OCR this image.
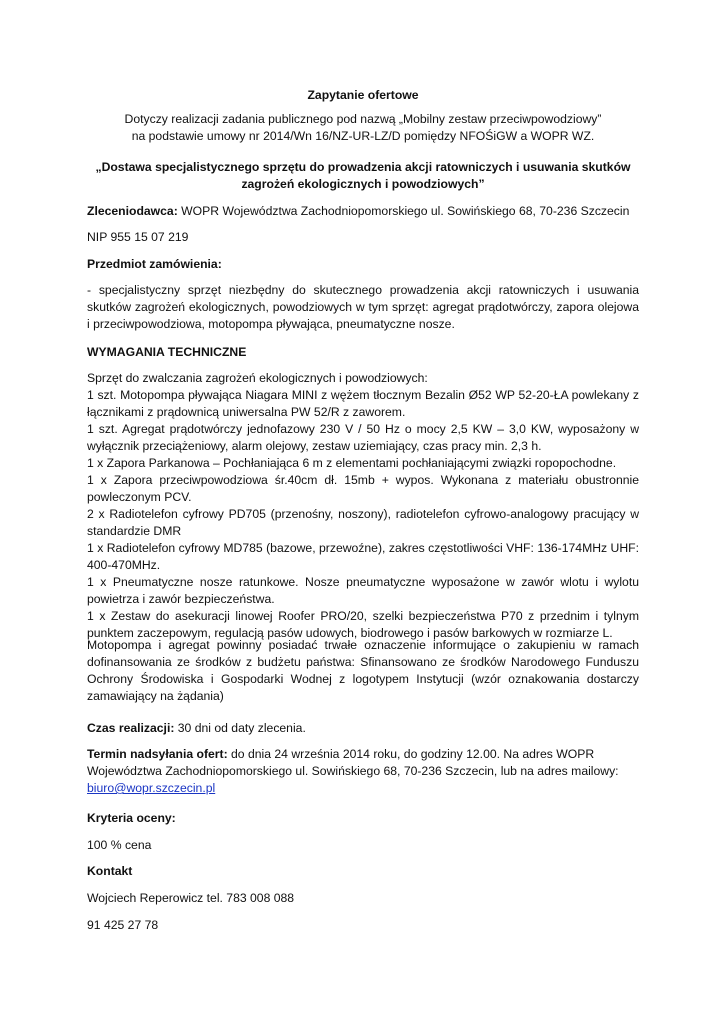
Zapytanie ofertowe

Dotyczy realizacji zadania publicznego pod nazwą „Mobilny zestaw przeciwpowodziowy”

na podstawie umowy nr 2014/Wn 16/NZ-UR-LZ/D pomiędzy NFOŚiGW a WOPR WZ.

„Dostawa specjalistycznego sprzętu do prowadzenia akcji ratowniczych i usuwania skutków

zagrożeń ekologicznych i powodziowych”

Zleceniodawca: WOPR Województwa Zachodniopomorskiego ul. Sowińskiego 68, 70-236 Szczecin

NIP 955 15 07 219

Przedmiot zamówienia:

- specjalistyczny sprzęt niezbędny do skutecznego prowadzenia akcji ratowniczych i usuwania skutków zagrożeń ekologicznych, powodziowych w tym sprzęt: agregat prądotwórczy, zapora olejowa i przeciwpowodziowa, motopompa pływająca, pneumatyczne nosze.

WYMAGANIA TECHNICZNE

Sprzęt do zwalczania zagrożeń ekologicznych i powodziowych:

1 szt. Motopompa pływająca Niagara MINI z wężem tłocznym Bezalin Ø52 WP 52-20-ŁA powlekany z łącznikami z prądownicą uniwersalna PW 52/R z zaworem.

1 szt. Agregat prądotwórczy jednofazowy 230 V / 50 Hz o mocy 2,5 KW – 3,0 KW, wyposażony w wyłącznik przeciążeniowy, alarm olejowy, zestaw uziemiający, czas pracy min. 2,3 h.

1 x Zapora Parkanowa – Pochłaniająca 6 m z elementami pochłaniającymi związki ropopochodne.

1 x Zapora przeciwpowodziowa śr.40cm dł. 15mb + wypos. Wykonana z materiału obustronnie powleczonym PCV.

2 x Radiotelefon cyfrowy PD705 (przenośny, noszony), radiotelefon cyfrowo-analogowy pracujący w standardzie DMR

1 x Radiotelefon cyfrowy MD785 (bazowe, przewoźne), zakres częstotliwości VHF: 136-174MHz UHF: 400-470MHz.

1 x Pneumatyczne nosze ratunkowe. Nosze pneumatyczne wyposażone w zawór wlotu i wylotu powietrza i zawór bezpieczeństwa.

1 x Zestaw do asekuracji linowej Roofer PRO/20, szelki bezpieczeństwa P70 z przednim i tylnym punktem zaczepowym, regulacją pasów udowych, biodrowego i pasów barkowych w rozmiarze L.

Motopompa i agregat powinny posiadać trwałe oznaczenie informujące o zakupieniu w ramach dofinansowania ze środków z budżetu państwa: Sfinansowano ze środków Narodowego Funduszu Ochrony Środowiska i Gospodarki Wodnej z logotypem Instytucji (wzór oznakowania dostarczy zamawiający na żądania)

Czas realizacji: 30 dni od daty zlecenia.

Termin nadsyłania ofert: do dnia 24 września 2014 roku, do godziny 12.00. Na adres WOPR Województwa Zachodniopomorskiego ul. Sowińskiego 68, 70-236 Szczecin, lub na adres mailowy:
biuro@wopr.szczecin.pl

Kryteria oceny:

100 % cena

Kontakt

Wojciech Reperowicz tel. 783 008 088

91 425 27 78
